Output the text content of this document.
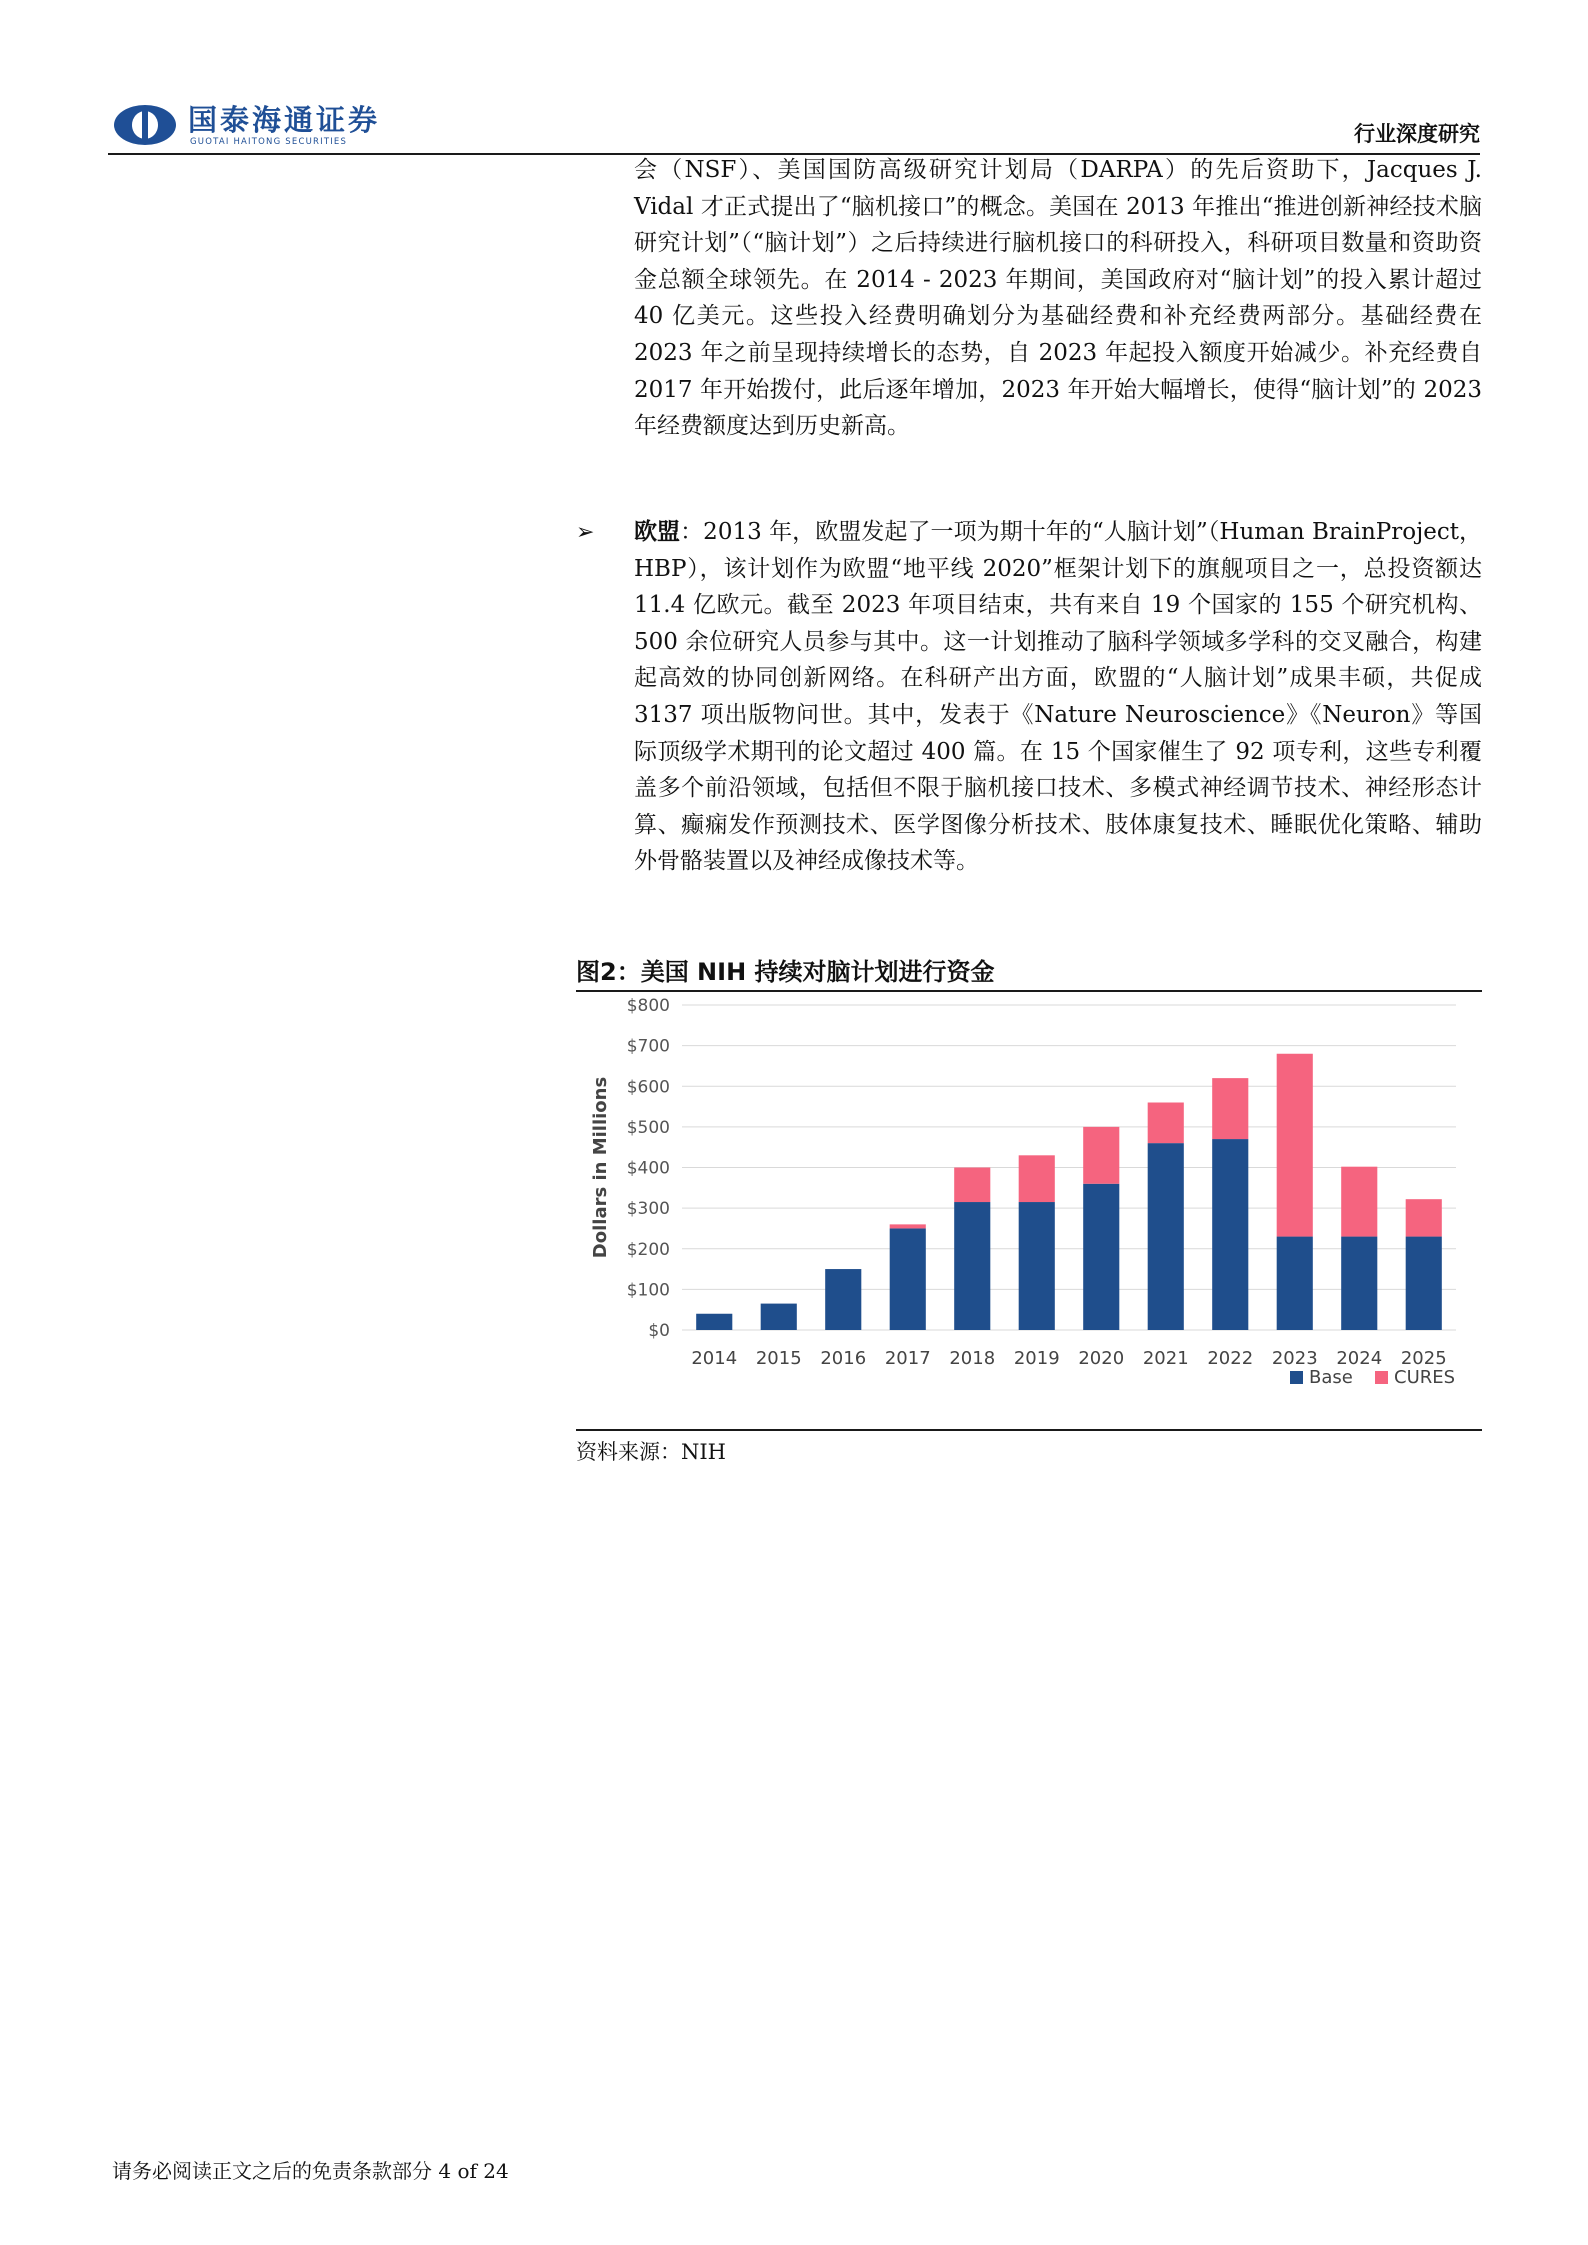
国泰海通证券
GUOTAI HAITONG SECURITIES	行业深度研究
会（NSF）、美国国防高级研究计划局（DARPA）的先后资助下，Jacques J. Vidal 才正式提出了“脑机接口”的概念。美国在 2013 年推出“推进创新神经技术脑研究计划”（“脑计划”）之后持续进行脑机接口的科研投入，科研项目数量和资助资金总额全球领先。在 2014 - 2023 年期间，美国政府对“脑计划”的投入累计超过 40 亿美元。这些投入经费明确划分为基础经费和补充经费两部分。基础经费在 2023 年之前呈现持续增长的态势，自 2023 年起投入额度开始减少。补充经费自 2017 年开始拨付，此后逐年增加，2023 年开始大幅增长，使得“脑计划”的 2023 年经费额度达到历史新高。
➢ 欧盟：2013 年，欧盟发起了一项为期十年的“人脑计划”（Human BrainProject，HBP），该计划作为欧盟“地平线 2020”框架计划下的旗舰项目之一，总投资额达 11.4 亿欧元。截至 2023 年项目结束，共有来自 19 个国家的 155 个研究机构、500 余位研究人员参与其中。这一计划推动了脑科学领域多学科的交叉融合，构建起高效的协同创新网络。在科研产出方面，欧盟的“人脑计划”成果丰硕，共促成 3137 项出版物问世。其中，发表于《Nature Neuroscience》《Neuron》等国际顶级学术期刊的论文超过 400 篇。在 15 个国家催生了 92 项专利，这些专利覆盖多个前沿领域，包括但不限于脑机接口技术、多模式神经调节技术、神经形态计算、癫痫发作预测技术、医学图像分析技术、肢体康复技术、睡眠优化策略、辅助外骨骼装置以及神经成像技术等。
图2：美国 NIH 持续对脑计划进行资金
$0
$100
$200
$300
$400
$500
$600
$700
$800
Dollars in Millions
2014 2015 2016 2017 2018 2019 2020 2021 2022 2023 2024 2025
Base CURES
资料来源：NIH
请务必阅读正文之后的免责条款部分 4 of 24
